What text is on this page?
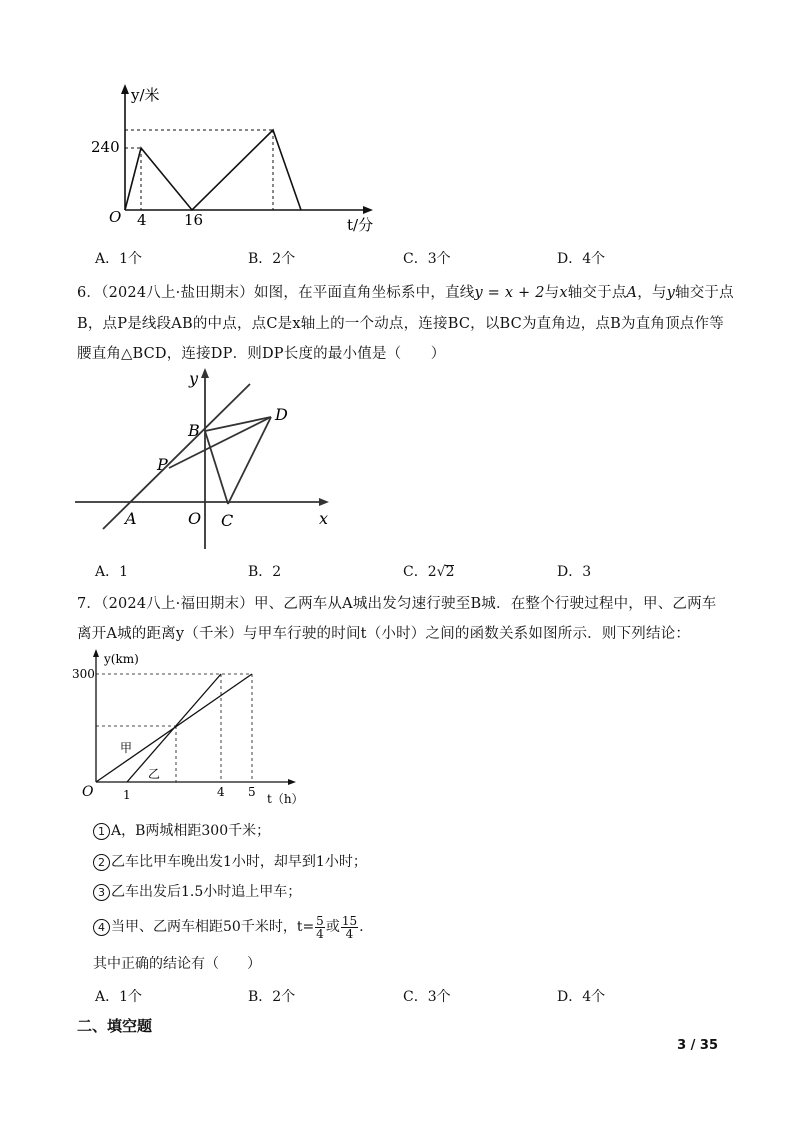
y/米
240
O 4 16	t/分
A．1个	B．2个	C．3个	D．4个
6．（2024八上·盐田期末）如图，在平面直角坐标系中，直线y = x + 2与x轴交于点A，与y轴交于点
B，点P是线段AB的中点，点C是x轴上的一个动点，连接BC，以BC为直角边，点B为直角顶点作等
腰直角△BCD，连接DP．则DP长度的最小值是（　　）
y
x
B
D
P
A	O C
A．1	B．2	C．2√2	D．3
7．（2024八上·福田期末）甲、乙两车从A城出发匀速行驶至B城．在整个行驶过程中，甲、乙两车
离开A城的距离y（千米）与甲车行驶的时间t（小时）之间的函数关系如图所示．则下列结论：
y(km)
300
O
甲
乙
1	4 5 t（h）
1 A，B两城相距300千米；
2 乙车比甲车晚出发1小时，却早到1小时；
3 乙车出发后1.5小时追上甲车；
4 当甲、乙两车相距50千米时，$t= \frac{5}{4}$ 或 $\frac{15}{4}$ .
其中正确的结论有（　　）
A．1个	B．2个	C．3个	D．4个
二、填空题
3 / 35
